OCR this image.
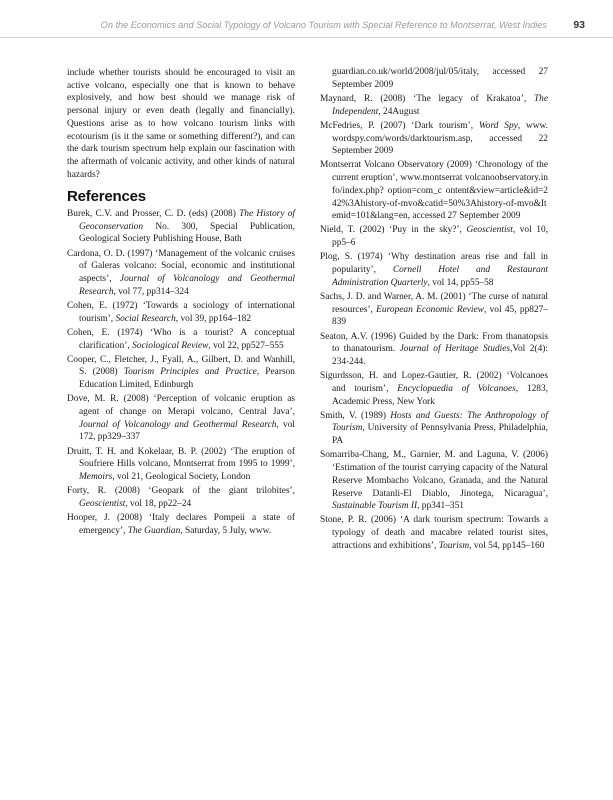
On the Economics and Social Typology of Volcano Tourism with Special Reference to Montserrat, West Indies	93

include whether tourists should be encouraged to visit an active volcano, especially one that is known to behave explosively, and how best should we manage risk of personal injury or even death (legally and financially). Questions arise as to how volcano tourism links with ecotourism (is it the same or something different?), and can the dark tourism spectrum help explain our fascination with the aftermath of volcanic activity, and other kinds of natural hazards?

References

Burek, C.V. and Prosser, C. D. (eds) (2008) The History of Geoconservation No. 300, Special Publication, Geological Society Publishing House, Bath

Cardona, O. D. (1997) ‘Management of the volcanic cruises of Galeras volcano: Social, economic and institutional aspects’, Journal of Volcanology and Geothermal Research, vol 77, pp314–324

Cohen, E. (1972) ‘Towards a sociology of international tourism’, Social Research, vol 39, pp164–182

Cohen, E. (1974) ‘Who is a tourist? A conceptual clarification’, Sociological Review, vol 22, pp527–555

Cooper, C., Fletcher, J., Fyall, A., Gilbert, D. and Wanhill, S. (2008) Tourism Principles and Practice, Pearson Education Limited, Edinburgh

Dove, M. R. (2008) ‘Perception of volcanic eruption as agent of change on Merapi volcano, Central Java’, Journal of Volcanology and Geothermal Research, vol 172, pp329–337

Druitt, T. H. and Kokelaar, B. P. (2002) ‘The eruption of Soufriere Hills volcano, Montserrat from 1995 to 1999’, Memoirs, vol 21, Geological Society, London

Forty, R. (2008) ‘Geopark of the giant trilobites’, Geoscientist, vol 18, pp22–24

Hooper, J. (2008) ‘Italy declares Pompeii a state of emergency’, The Guardian, Saturday, 5 July, www.

guardian.co.uk/world/2008/jul/05/italy, accessed 27 September 2009

Maynard, R. (2008) ‘The legacy of Krakatoa’, The Independent, 24August

McFedries, P. (2007) ‘Dark tourism’, Word Spy, www. wordspy.com/words/darktourism.asp, accessed 22 September 2009

Montserrat Volcano Observatory (2009) ‘Chronology of the current eruption’, www.montserrat volcanoobservatory.info/index.php? option=com_c ontent&view=article&id=242%3Ahistory-of-mvo&catid=50%3Ahistory-of-mvo&Itemid=101&lang=en, accessed 27 September 2009

Nield, T. (2002) ‘Puy in the sky?’, Geoscientist, vol 10, pp5–6

Plog, S. (1974) ‘Why destination areas rise and fall in popularity’, Cornell Hotel and Restaurant Administration Quarterly, vol 14, pp55–58

Sachs, J. D. and Warner, A. M. (2001) ‘The curse of natural resources’, European Economic Review, vol 45, pp827–839

Seaton, A.V. (1996) Guided by the Dark: From thanatopsis to thanatourism. Journal of Heritage Studies,Vol 2(4): 234-244.

Sigurdsson, H. and Lopez-Gautier, R. (2002) ‘Volcanoes and tourism’, Encyclopaedia of Volcanoes, 1283, Academic Press, New York

Smith, V. (1989) Hosts and Guests: The Anthropology of Tourism, University of Pennsylvania Press, Philadelphia, PA

Somarriba-Chang, M., Garnier, M. and Laguna, V. (2006) ‘Estimation of the tourist carrying capacity of the Natural Reserve Mombacho Volcano, Granada, and the Natural Reserve Datanli-El Diablo, Jinotega, Nicaragua’, Sustainable Tourism II, pp341–351

Stone, P. R. (2006) ‘A dark tourism spectrum: Towards a typology of death and macabre related tourist sites, attractions and exhibitions’, Tourism, vol 54, pp145–160
